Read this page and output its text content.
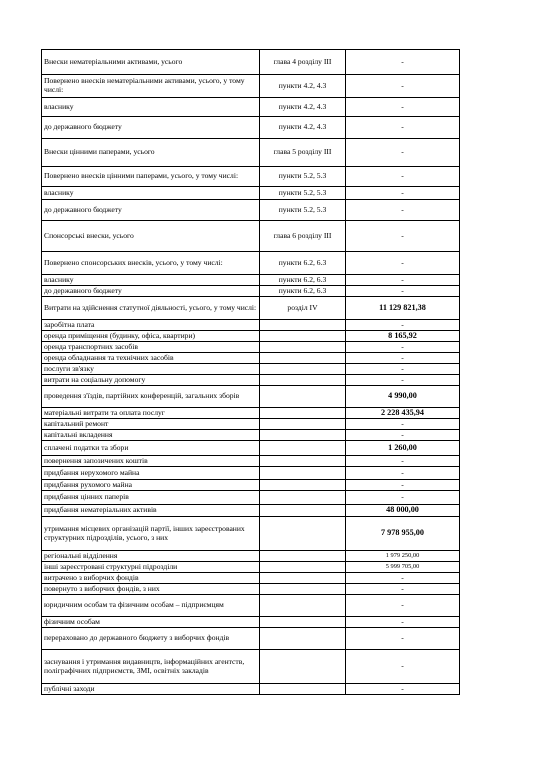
Внески нематеріальними активами, усього	глава 4 розділу ІІІ	-
Повернено внесків нематеріальними активами, усього, у тому числі:	пункти 4.2, 4.3	-
власнику	пункти 4.2, 4.3	-
до державного бюджету	пункти 4.2, 4.3	-
Внески цінними паперами, усього	глава 5 розділу ІІІ	-
Повернено внесків цінними паперами, усього, у тому числі:	пункти 5.2, 5.3	-
власнику	пункти 5.2, 5.3	-
до державного бюджету	пункти 5.2, 5.3	-
Спонсорські внески, усього	глава 6 розділу ІІІ	-
Повернено спонсорських внесків, усього, у тому числі:	пункти 6.2, 6.3	-
власнику	пункти 6.2, 6.3	-
до державного бюджету	пункти 6.2, 6.3	-
Витрати на здійснення статутної діяльності, усього, у тому числі:	розділ IV	11 129 821,38
заробітна плата		-
оренда приміщення (будинку, офіса, квартири)		8 165,92
оренда транспортних засобів		-
оренда обладнання та технічних засобів		-
послуги зв'язку		-
витрати на соціальну допомогу		-
проведення з'їздів, партійних конференцій, загальних зборів		4 990,00
матеріальні витрати та оплата послуг		2 228 435,94
капітальний ремонт		-
капітальні вкладення		-
сплачені податки та збори		1 260,00
повернення запозичених коштів		-
придбання нерухомого майна		-
придбання рухомого майна		-
придбання цінних паперів		-
придбання нематеріальних активів		48 000,00
утримання місцевих організацій партії, інших зареєстрованих структурних підрозділів, усього, з них		7 978 955,00
регіональні відділення		1 979 250,00
інші зареєстровані структурні підрозділи		5 999 705,00
витрачено з виборчих фондів		-
повернуто з виборчих фондів, з них		-
юридичним особам та фізичним особам – підприємцям		-
фізичним особам		-
перераховано до державного бюджету з виборчих фондів		-
заснування і утримання видавництв, інформаційних агентств, поліграфічних підприємств, ЗМІ, освітніх закладів		-
публічні заходи		-
